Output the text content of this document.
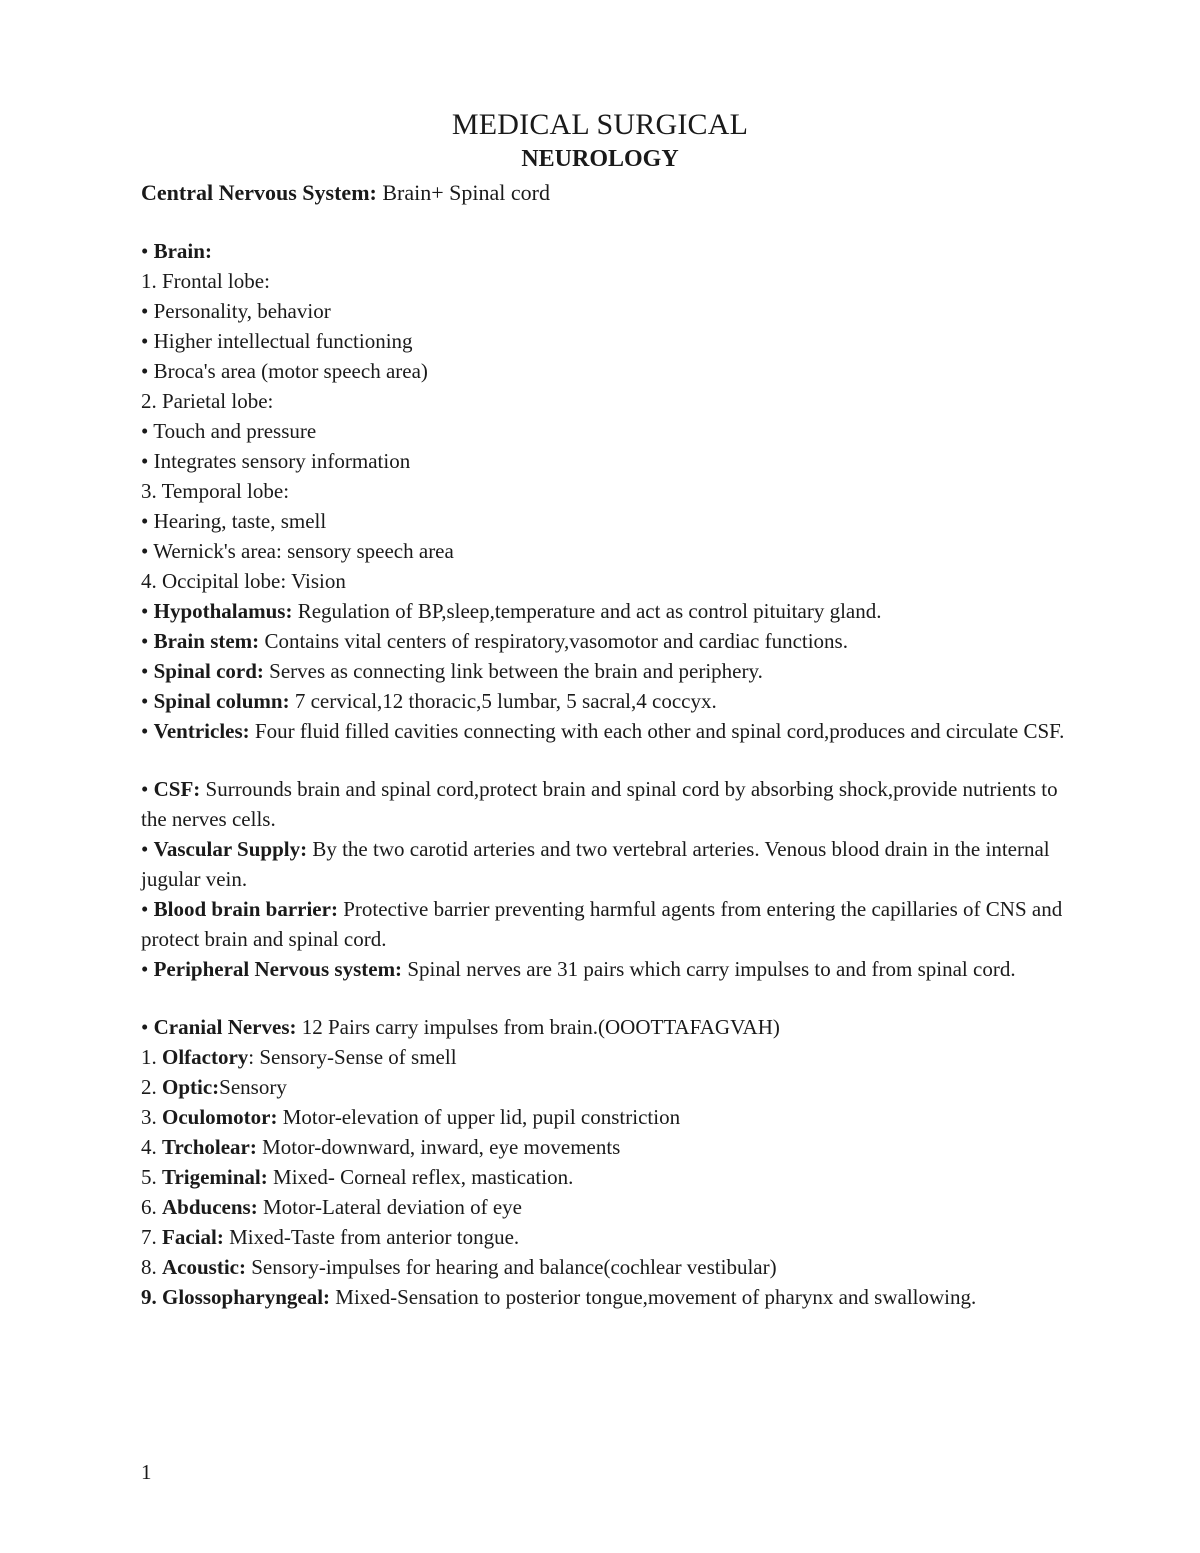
MEDICAL SURGICAL
NEUROLOGY
Central Nervous System: Brain+ Spinal cord
• Brain:
1. Frontal lobe:
• Personality, behavior
• Higher intellectual functioning
• Broca's area (motor speech area)
2. Parietal lobe:
• Touch and pressure
• Integrates sensory information
3. Temporal lobe:
• Hearing, taste, smell
• Wernick's area: sensory speech area
4. Occipital lobe: Vision
• Hypothalamus: Regulation of BP,sleep,temperature and act as control pituitary gland.
• Brain stem: Contains vital centers of respiratory,vasomotor and cardiac functions.
• Spinal cord: Serves as connecting link between the brain and periphery.
• Spinal column: 7 cervical,12 thoracic,5 lumbar, 5 sacral,4 coccyx.
• Ventricles: Four fluid filled cavities connecting with each other and spinal cord,produces and circulate CSF.
• CSF: Surrounds brain and spinal cord,protect brain and spinal cord by absorbing shock,provide nutrients to the nerves cells.
• Vascular Supply: By the two carotid arteries and two vertebral arteries. Venous blood drain in the internal jugular vein.
• Blood brain barrier: Protective barrier preventing harmful agents from entering the capillaries of CNS and protect brain and spinal cord.
• Peripheral Nervous system: Spinal nerves are 31 pairs which carry impulses to and from spinal cord.
• Cranial Nerves: 12 Pairs carry impulses from brain.(OOOTTAFAGVAH)
1. Olfactory: Sensory-Sense of smell
2. Optic:Sensory
3. Oculomotor: Motor-elevation of upper lid, pupil constriction
4. Trcholear: Motor-downward, inward, eye movements
5. Trigeminal: Mixed- Corneal reflex, mastication.
6. Abducens: Motor-Lateral deviation of eye
7. Facial: Mixed-Taste from anterior tongue.
8. Acoustic: Sensory-impulses for hearing and balance(cochlear vestibular)
9. Glossopharyngeal: Mixed-Sensation to posterior tongue,movement of pharynx and swallowing.
1
